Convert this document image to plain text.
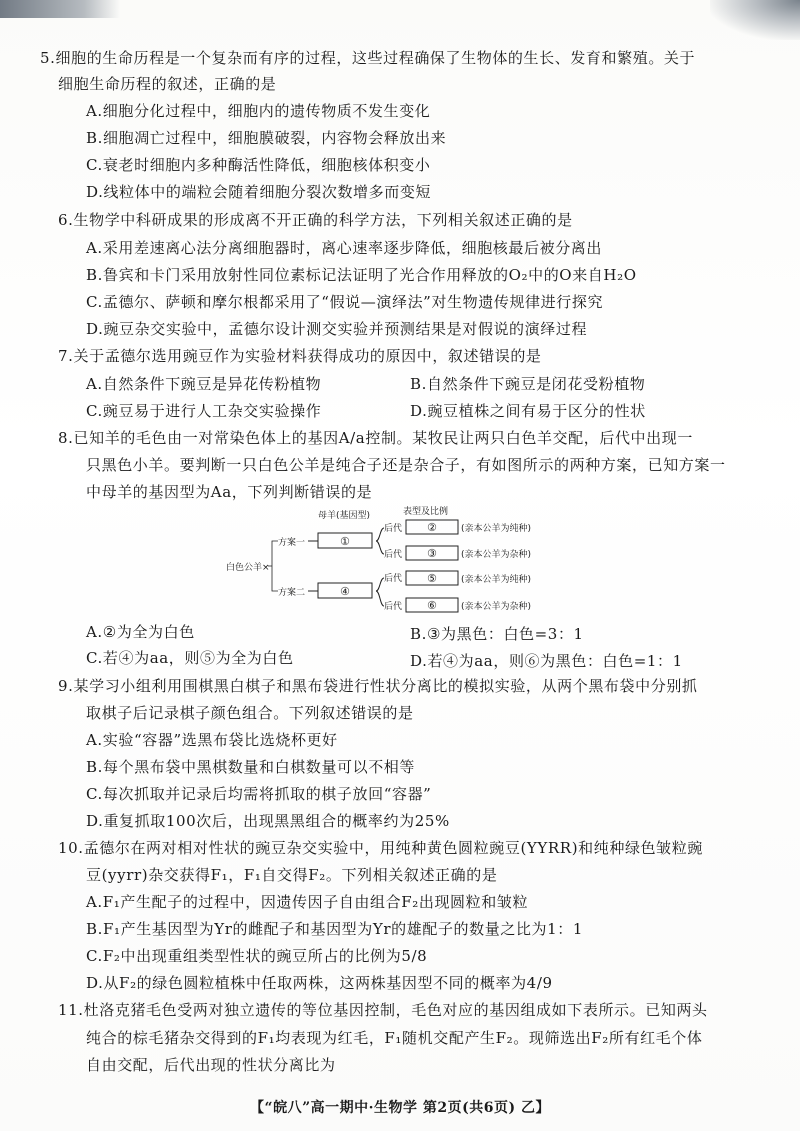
5.细胞的生命历程是一个复杂而有序的过程，这些过程确保了生物体的生长、发育和繁殖。关于
细胞生命历程的叙述，正确的是
A.细胞分化过程中，细胞内的遗传物质不发生变化
B.细胞凋亡过程中，细胞膜破裂，内容物会释放出来
C.衰老时细胞内多种酶活性降低，细胞核体积变小
D.线粒体中的端粒会随着细胞分裂次数增多而变短
6.生物学中科研成果的形成离不开正确的科学方法，下列相关叙述正确的是
A.采用差速离心法分离细胞器时，离心速率逐步降低，细胞核最后被分离出
B.鲁宾和卡门采用放射性同位素标记法证明了光合作用释放的O₂中的O来自H₂O
C.孟德尔、萨顿和摩尔根都采用了“假说—演绎法”对生物遗传规律进行探究
D.豌豆杂交实验中，孟德尔设计测交实验并预测结果是对假说的演绎过程
7.关于孟德尔选用豌豆作为实验材料获得成功的原因中，叙述错误的是
A.自然条件下豌豆是异花传粉植物	B.自然条件下豌豆是闭花受粉植物
C.豌豆易于进行人工杂交实验操作	D.豌豆植株之间有易于区分的性状
8.已知羊的毛色由一对常染色体上的基因A/a控制。某牧民让两只白色羊交配，后代中出现一
只黑色小羊。要判断一只白色公羊是纯合子还是杂合子，有如图所示的两种方案，已知方案一
中母羊的基因型为Aa，下列判断错误的是
A.②为全为白色	B.③为黑色：白色=3：1
C.若④为aa，则⑤为全为白色	D.若④为aa，则⑥为黑色：白色=1：1
9.某学习小组利用围棋黑白棋子和黑布袋进行性状分离比的模拟实验，从两个黑布袋中分别抓
取棋子后记录棋子颜色组合。下列叙述错误的是
A.实验“容器”选黑布袋比选烧杯更好
B.每个黑布袋中黑棋数量和白棋数量可以不相等
C.每次抓取并记录后均需将抓取的棋子放回“容器”
D.重复抓取100次后，出现黑黑组合的概率约为25%
10.孟德尔在两对相对性状的豌豆杂交实验中，用纯种黄色圆粒豌豆(YYRR)和纯种绿色皱粒豌
豆(yyrr)杂交获得F₁，F₁自交得F₂。下列相关叙述正确的是
A.F₁产生配子的过程中，因遗传因子自由组合F₂出现圆粒和皱粒
B.F₁产生基因型为Yr的雌配子和基因型为Yr的雄配子的数量之比为1：1
C.F₂中出现重组类型性状的豌豆所占的比例为5/8
D.从F₂的绿色圆粒植株中任取两株，这两株基因型不同的概率为4/9
11.杜洛克猪毛色受两对独立遗传的等位基因控制，毛色对应的基因组成如下表所示。已知两头
纯合的棕毛猪杂交得到的F₁均表现为红毛，F₁随机交配产生F₂。现筛选出F₂所有红毛个体
自由交配，后代出现的性状分离比为
母羊(基因型)	表型及比例
白色公羊×
方案一
方案二
①
后代
后代
②	(亲本公羊为纯种)
③	(亲本公羊为杂种)
④
后代
后代
⑤	(亲本公羊为纯种)
⑥	(亲本公羊为杂种)
【“皖八”高一期中·生物学 第2页(共6页) 乙】
